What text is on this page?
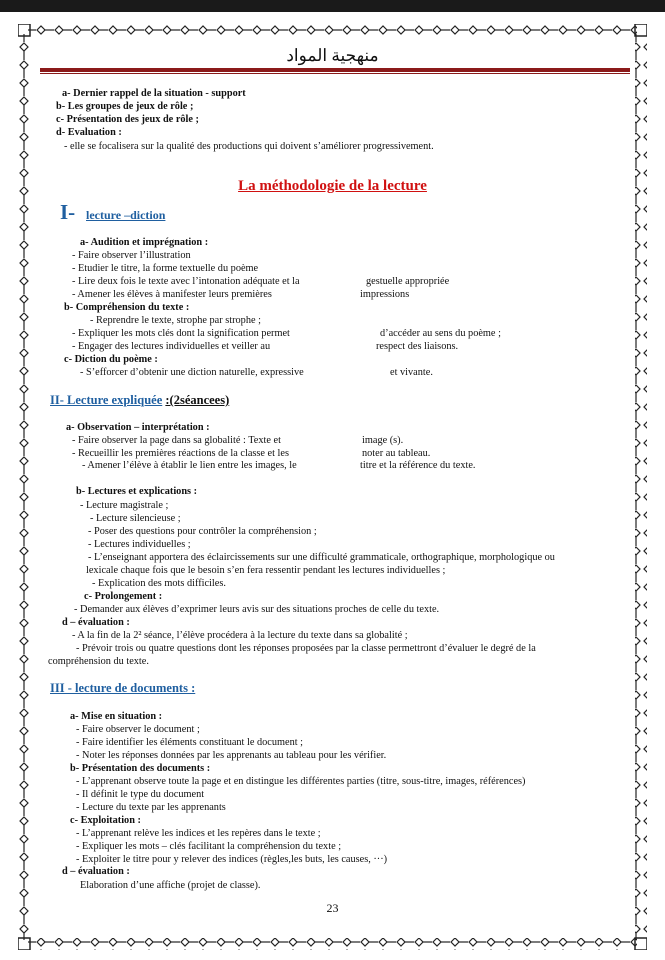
منهجية المواد
a- Dernier rappel de la situation - support
b- Les groupes de jeux de rôle ;
c- Présentation des jeux de rôle ;
d- Evaluation :
- elle se focalisera sur la qualité des productions qui doivent s’améliorer progressivement.
La méthodologie de la lecture
I- lecture –diction
a- Audition et imprégnation :
- Faire observer l’illustration
- Etudier le titre, la forme textuelle du poème
- Lire deux fois le texte avec l’intonation adéquate et la	gestuelle appropriée
- Amener les élèves à manifester leurs premières	impressions
b- Compréhension du texte :
- Reprendre le texte, strophe par strophe ;
- Expliquer les mots clés dont la signification permet	d’accéder au sens du poème ;
- Engager des lectures individuelles et veiller au	respect des liaisons.
c- Diction du poème :
- S’efforcer d’obtenir une diction naturelle, expressive	et vivante.
II- Lecture expliquée :(2séancees)
a- Observation – interprétation :
- Faire observer la page dans sa globalité : Texte et	image (s).
- Recueillir les premières réactions de la classe et les	noter au tableau.
- Amener l’élève à établir le lien entre les images, le	titre et la référence du texte.
b- Lectures et explications :
- Lecture magistrale ;
- Lecture silencieuse ;
- Poser des questions pour contrôler la compréhension ;
- Lectures individuelles ;
- L’enseignant apportera des éclaircissements sur une difficulté grammaticale, orthographique, morphologique ou
lexicale chaque fois que le besoin s’en fera ressentir pendant les lectures individuelles ;
- Explication des mots difficiles.
c- Prolongement :
- Demander aux élèves d’exprimer leurs avis sur des situations proches de celle du texte.
d – évaluation :
- A la fin de la 2² séance, l’élève procédera à la lecture du texte dans sa globalité ;
- Prévoir trois ou quatre questions dont les réponses proposées par la classe permettront d’évaluer le degré de la
compréhension du texte.
III - lecture de documents :
a- Mise en situation :
- Faire observer le document ;
- Faire identifier les éléments constituant le document ;
- Noter les réponses données par les apprenants au tableau pour les vérifier.
b- Présentation des documents :
- L’apprenant observe toute la page et en distingue les différentes parties (titre, sous-titre, images, références)
- Il définit le type du document
- Lecture du texte par les apprenants
c- Exploitation :
- L’apprenant relève les indices et les repères dans le texte ;
- Expliquer les mots – clés facilitant la compréhension du texte ;
- Exploiter le titre pour y relever des indices (règles,les buts, les causes, ···)
d – évaluation :
Elaboration d’une affiche (projet de classe).
23
